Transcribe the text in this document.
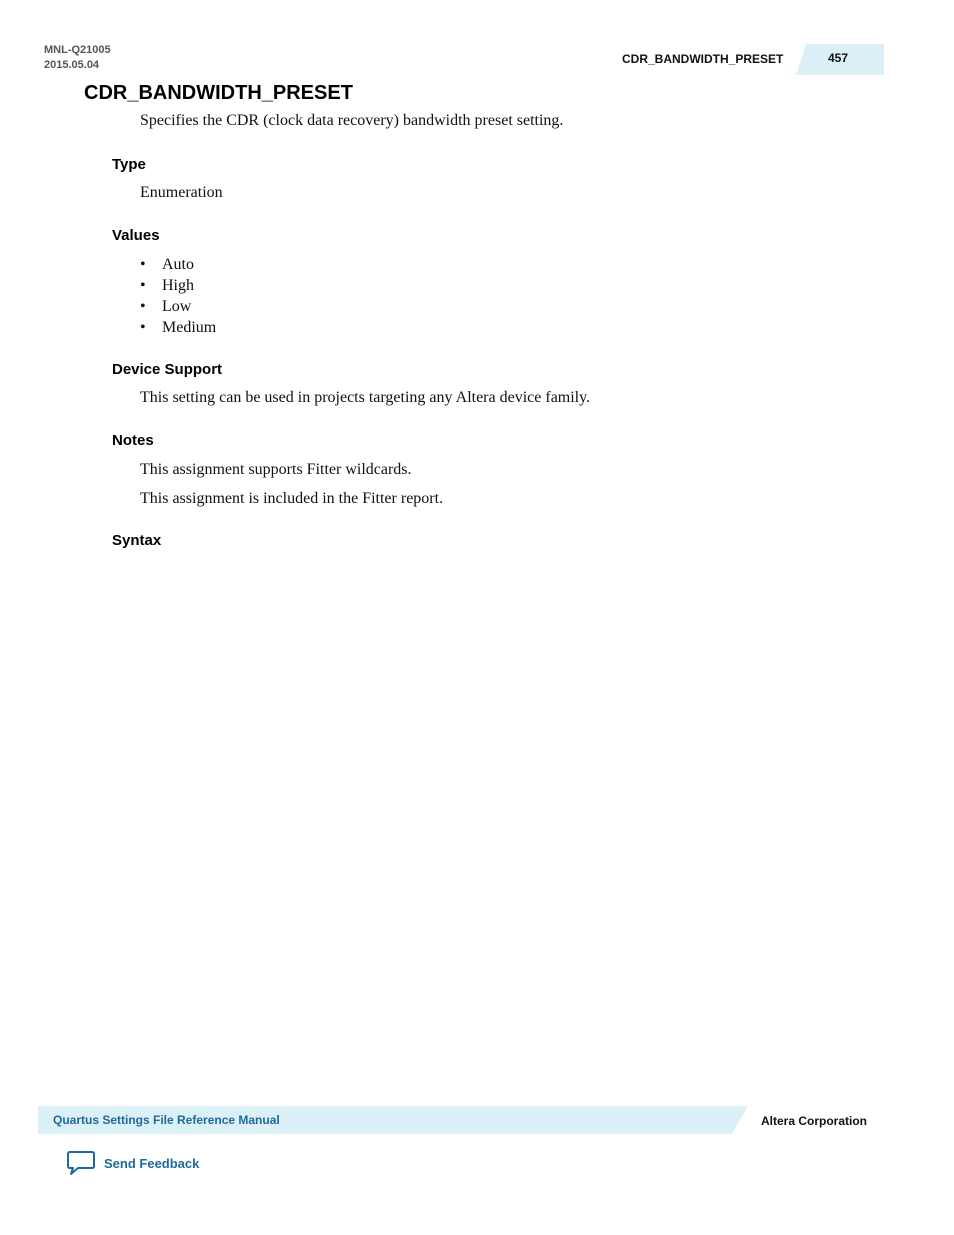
MNL-Q21005
2015.05.04	CDR_BANDWIDTH_PRESET	457
CDR_BANDWIDTH_PRESET

Specifies the CDR (clock data recovery) bandwidth preset setting.

Type

Enumeration

Values
• Auto
• High
• Low
• Medium
Device Support

This setting can be used in projects targeting any Altera device family.

Notes

This assignment supports Fitter wildcards.

This assignment is included in the Fitter report.

Syntax
Quartus Settings File Reference Manual	Altera Corporation
Send Feedback
